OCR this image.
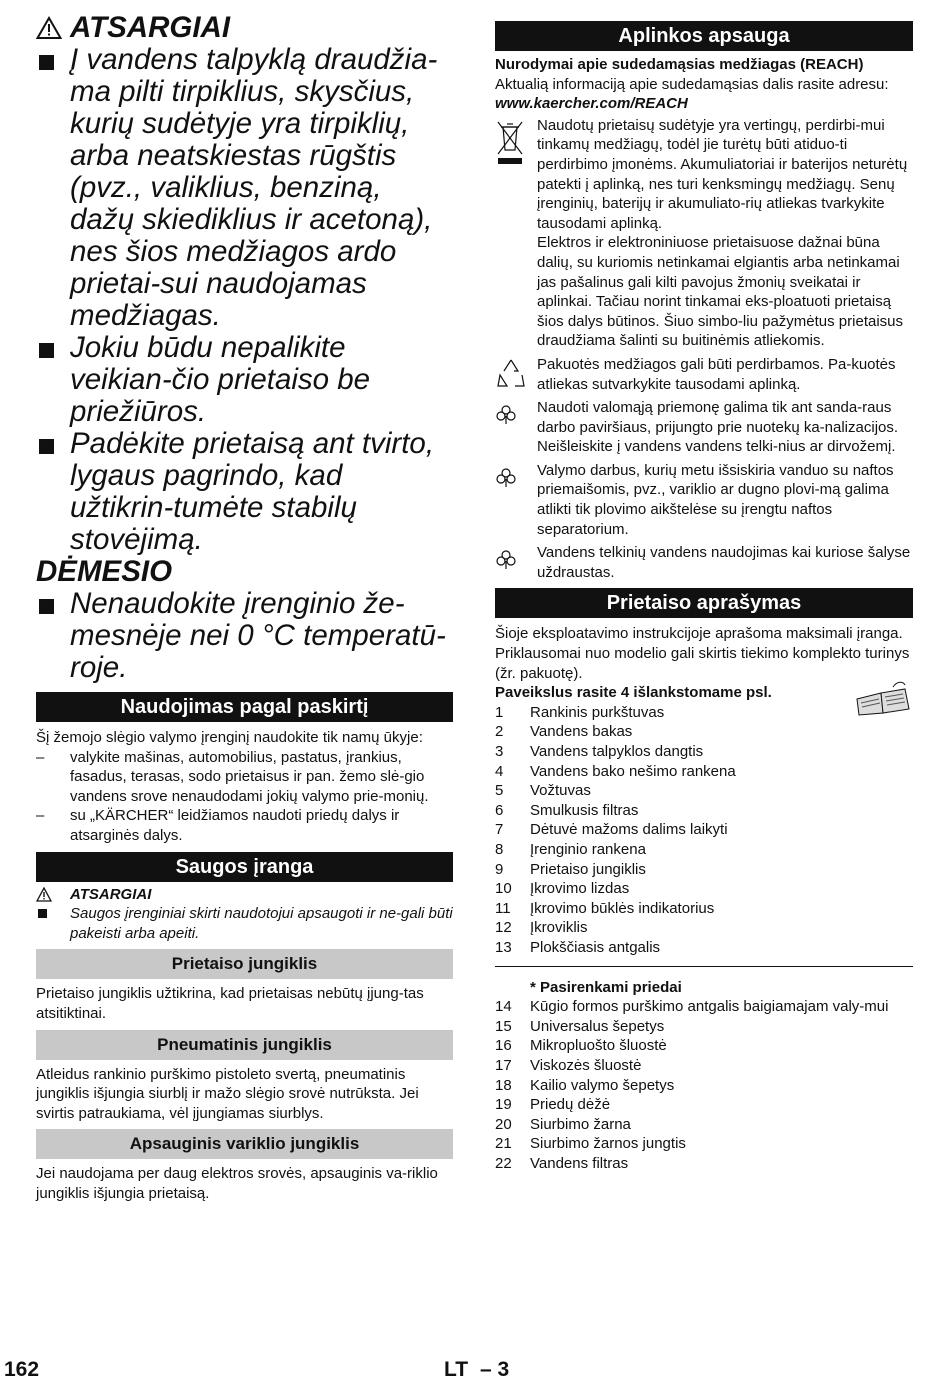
ATSARGIAI
Į vandens talpyklą draudžia-ma pilti tirpiklius, skysčius, kurių sudėtyje yra tirpiklių, arba neatskiestas rūgštis (pvz., valiklius, benziną, dažų skiediklius ir acetoną), nes šios medžiagos ardo prietai-sui naudojamas medžiagas.
Jokiu būdu nepalikite veikian-čio prietaiso be priežiūros.
Padėkite prietaisą ant tvirto, lygaus pagrindo, kad užtikrin-tumėte stabilų stovėjimą.
DĖMESIO
Nenaudokite įrenginio že-mesnėje nei 0 °C temperatū-roje.
Naudojimas pagal paskirtį

Šį žemojo slėgio valymo įrenginį naudokite tik namų ūkyje:

– valykite mašinas, automobilius, pastatus, įrankius, fasadus, terasas, sodo prietaisus ir pan. žemo slė-gio vandens srove nenaudodami jokių valymo prie-monių.
– su „KÄRCHER“ leidžiamos naudoti priedų dalys ir atsarginės dalys.
Saugos įranga
ATSARGIAI
Saugos įrenginiai skirti naudotojui apsaugoti ir ne-gali būti pakeisti arba apeiti.
Prietaiso jungiklis

Prietaiso jungiklis užtikrina, kad prietaisas nebūtų įjung-tas atsitiktinai.

Pneumatinis jungiklis

Atleidus rankinio purškimo pistoleto svertą, pneumatinis jungiklis išjungia siurblį ir mažo slėgio srovė nutrūksta. Jei svirtis patraukiama, vėl įjungiamas siurblys.

Apsauginis variklio jungiklis

Jei naudojama per daug elektros srovės, apsauginis va-riklio jungiklis išjungia prietaisą.

Aplinkos apsauga

Nurodymai apie sudedamąsias medžiagas (REACH)

Aktualią informaciją apie sudedamąsias dalis rasite adresu:

www.kaercher.com/REACH

Naudotų prietaisų sudėtyje yra vertingų, perdirbi-mui tinkamų medžiagų, todėl jie turėtų būti atiduo-ti perdirbimo įmonėms. Akumuliatoriai ir baterijos neturėtų patekti į aplinką, nes turi kenksmingų medžiagų. Senų įrenginių, baterijų ir akumuliato-rių atliekas tvarkykite tausodami aplinką.
Elektros ir elektroniniuose prietaisuose dažnai būna dalių, su kuriomis netinkamai elgiantis arba netinkamai jas pašalinus gali kilti pavojus žmonių sveikatai ir aplinkai. Tačiau norint tinkamai eks-ploatuoti prietaisą šios dalys būtinos. Šiuo simbo-liu pažymėtus prietaisus draudžiama šalinti su buitinėmis atliekomis.
Pakuotės medžiagos gali būti perdirbamos. Pa-kuotės atliekas sutvarkykite tausodami aplinką.
Naudoti valomąją priemonę galima tik ant sanda-raus darbo paviršiaus, prijungto prie nuotekų ka-nalizacijos. Neišleiskite į vandens vandens telki-nius ar dirvožemį.
Valymo darbus, kurių metu išsiskiria vanduo su naftos priemaišomis, pvz., variklio ar dugno plovi-mą galima atlikti tik plovimo aikštelėse su įrengtu naftos separatorium.
Vandens telkinių vandens naudojimas kai kuriose šalyse uždraustas.
Prietaiso aprašymas

Šioje eksploatavimo instrukcijoje aprašoma maksimali įranga. Priklausomai nuo modelio gali skirtis tiekimo komplekto turinys (žr. pakuotę).

Paveikslus rasite 4 išlankstomame psl.

1	Rankinis purkštuvas
2	Vandens bakas
3	Vandens talpyklos dangtis
4	Vandens bako nešimo rankena
5	Vožtuvas
6	Smulkusis filtras
7	Dėtuvė mažoms dalims laikyti
8	Įrenginio rankena
9	Prietaiso jungiklis
10	Įkrovimo lizdas
11	Įkrovimo būklės indikatorius
12	Įkroviklis
13	Plokščiasis antgalis

* Pasirenkami priedai

14	Kūgio formos purškimo antgalis baigiamajam valy-mui
15	Universalus šepetys
16	Mikropluošto šluostė
17	Viskozės šluostė
18	Kailio valymo šepetys
19	Priedų dėžė
20	Siurbimo žarna
21	Siurbimo žarnos jungtis
22	Vandens filtras
162	LT – 3
